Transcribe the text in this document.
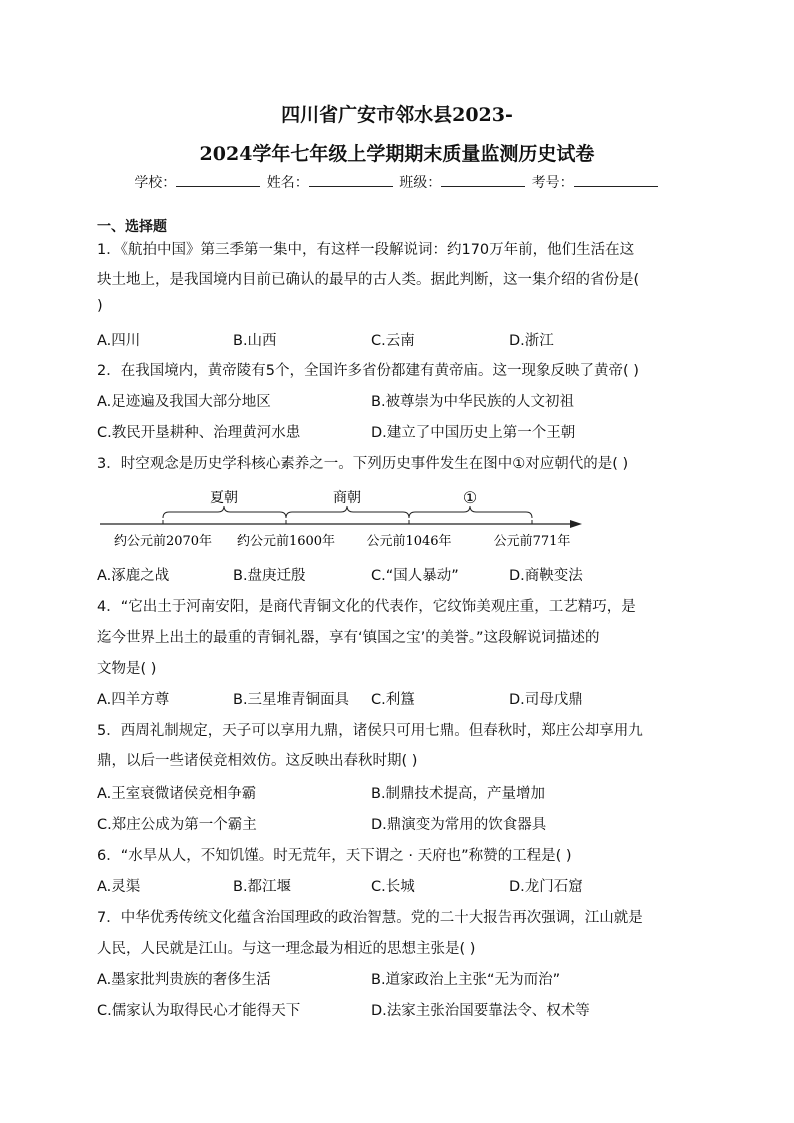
四川省广安市邻水县2023-
2024学年七年级上学期期末质量监测历史试卷
学校：	姓名：	班级：	考号：
一、选择题
1．《航拍中国》第三季第一集中，有这样一段解说词：约170万年前，他们生活在这
块土地上，是我国境内目前已确认的最早的古人类。据此判断，这一集介绍的省份是(
)
A.四川	B.山西	C.云南	D.浙江
2．在我国境内，黄帝陵有5个，全国许多省份都建有黄帝庙。这一现象反映了黄帝( )
A.足迹遍及我国大部分地区	B.被尊崇为中华民族的人文初祖
C.教民开垦耕种、治理黄河水患	D.建立了中国历史上第一个王朝
3．时空观念是历史学科核心素养之一。下列历史事件发生在图中①对应朝代的是( )
夏朝	商朝	①
约公元前2070年 约公元前1600年 公元前1046年	公元前771年
A.涿鹿之战	B.盘庚迁殷	C.“国人暴动”	D.商鞅变法
4．“它出土于河南安阳，是商代青铜文化的代表作，它纹饰美观庄重，工艺精巧，是
迄今世界上出土的最重的青铜礼器，享有‘镇国之宝’的美誉。”这段解说词描述的
文物是( )
A.四羊方尊	B.三星堆青铜面具 C.利簋	D.司母戊鼎
5．西周礼制规定，天子可以享用九鼎，诸侯只可用七鼎。但春秋时，郑庄公却享用九
鼎，以后一些诸侯竞相效仿。这反映出春秋时期( )
A.王室衰微诸侯竞相争霸	B.制鼎技术提高，产量增加
C.郑庄公成为第一个霸主	D.鼎演变为常用的饮食器具
6．“水旱从人，不知饥馑。时无荒年，天下谓之 · 天府也”称赞的工程是( )
A.灵渠	B.都江堰	C.长城	D.龙门石窟
7．中华优秀传统文化蕴含治国理政的政治智慧。党的二十大报告再次强调，江山就是
人民，人民就是江山。与这一理念最为相近的思想主张是( )
A.墨家批判贵族的奢侈生活	B.道家政治上主张“无为而治”
C.儒家认为取得民心才能得天下	D.法家主张治国要靠法令、权术等
